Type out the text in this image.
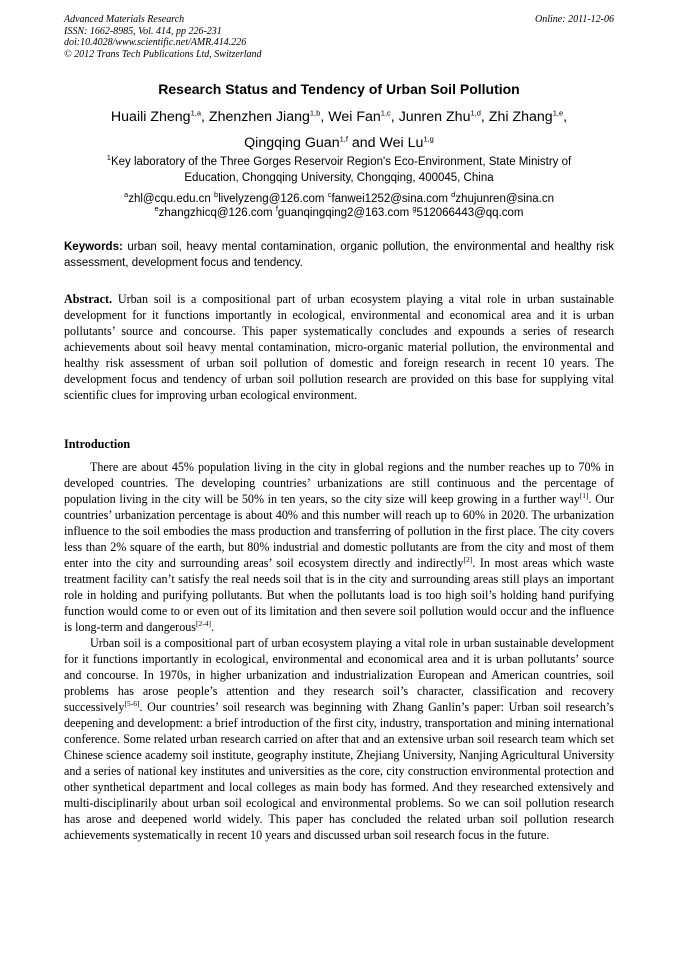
Advanced Materials Research
ISSN: 1662-8985, Vol. 414, pp 226-231
doi:10.4028/www.scientific.net/AMR.414.226
© 2012 Trans Tech Publications Ltd, Switzerland
Online: 2011-12-06
Research Status and Tendency of Urban Soil Pollution
Huaili Zheng$^{1,a}$, Zhenzhen Jiang$^{1,b}$, Wei Fan$^{1,c}$, Junren Zhu$^{1,d}$, Zhi Zhang$^{1,e}$,
Qingqing Guan$^{1,f}$ and Wei Lu$^{1,g}$
$^1$Key laboratory of the Three Gorges Reservoir Region's Eco-Environment, State Ministry of Education, Chongqing University, Chongqing, 400045, China
$^a$zhl@cqu.edu.cn $^b$livelyzeng@126.com $^c$fanwei1252@sina.com $^d$zhujunren@sina.cn
$^e$zhangzhicq@126.com $^f$guanqingqing2@163.com $^g$512066443@qq.com
Keywords: urban soil, heavy mental contamination, organic pollution, the environmental and healthy risk assessment, development focus and tendency.

Abstract. Urban soil is a compositional part of urban ecosystem playing a vital role in urban sustainable development for it functions importantly in ecological, environmental and economical area and it is urban pollutants’ source and concourse. This paper systematically concludes and expounds a series of research achievements about soil heavy mental contamination, micro-organic material pollution, the environmental and healthy risk assessment of urban soil pollution of domestic and foreign research in recent 10 years. The development focus and tendency of urban soil pollution research are provided on this base for supplying vital scientific clues for improving urban ecological environment.

Introduction

There are about 45% population living in the city in global regions and the number reaches up to 70% in developed countries. The developing countries’ urbanizations are still continuous and the percentage of population living in the city will be 50% in ten years, so the city size will keep growing in a further way[1]. Our countries’ urbanization percentage is about 40% and this number will reach up to 60% in 2020. The urbanization influence to the soil embodies the mass production and transferring of pollution in the first place. The city covers less than 2% square of the earth, but 80% industrial and domestic pollutants are from the city and most of them enter into the city and surrounding areas’ soil ecosystem directly and indirectly[2]. In most areas which waste treatment facility can’t satisfy the real needs soil that is in the city and surrounding areas still plays an important role in holding and purifying pollutants. But when the pollutants load is too high soil’s holding hand purifying function would come to or even out of its limitation and then severe soil pollution would occur and the influence is long-term and dangerous[2-4].

Urban soil is a compositional part of urban ecosystem playing a vital role in urban sustainable development for it functions importantly in ecological, environmental and economical area and it is urban pollutants’ source and concourse. In 1970s, in higher urbanization and industrialization European and American countries, soil problems has arose people’s attention and they research soil’s character, classification and recovery successively[5-6]. Our countries’ soil research was beginning with Zhang Ganlin’s paper: Urban soil research’s deepening and development: a brief introduction of the first city, industry, transportation and mining international conference. Some related urban research carried on after that and an extensive urban soil research team which set Chinese science academy soil institute, geography institute, Zhejiang University, Nanjing Agricultural University and a series of national key institutes and universities as the core, city construction environmental protection and other synthetical department and local colleges as main body has formed. And they researched extensively and multi-disciplinarily about urban soil ecological and environmental problems. So we can soil pollution research has arose and deepened world widely. This paper has concluded the related urban soil pollution research achievements systematically in recent 10 years and discussed urban soil research focus in the future.
